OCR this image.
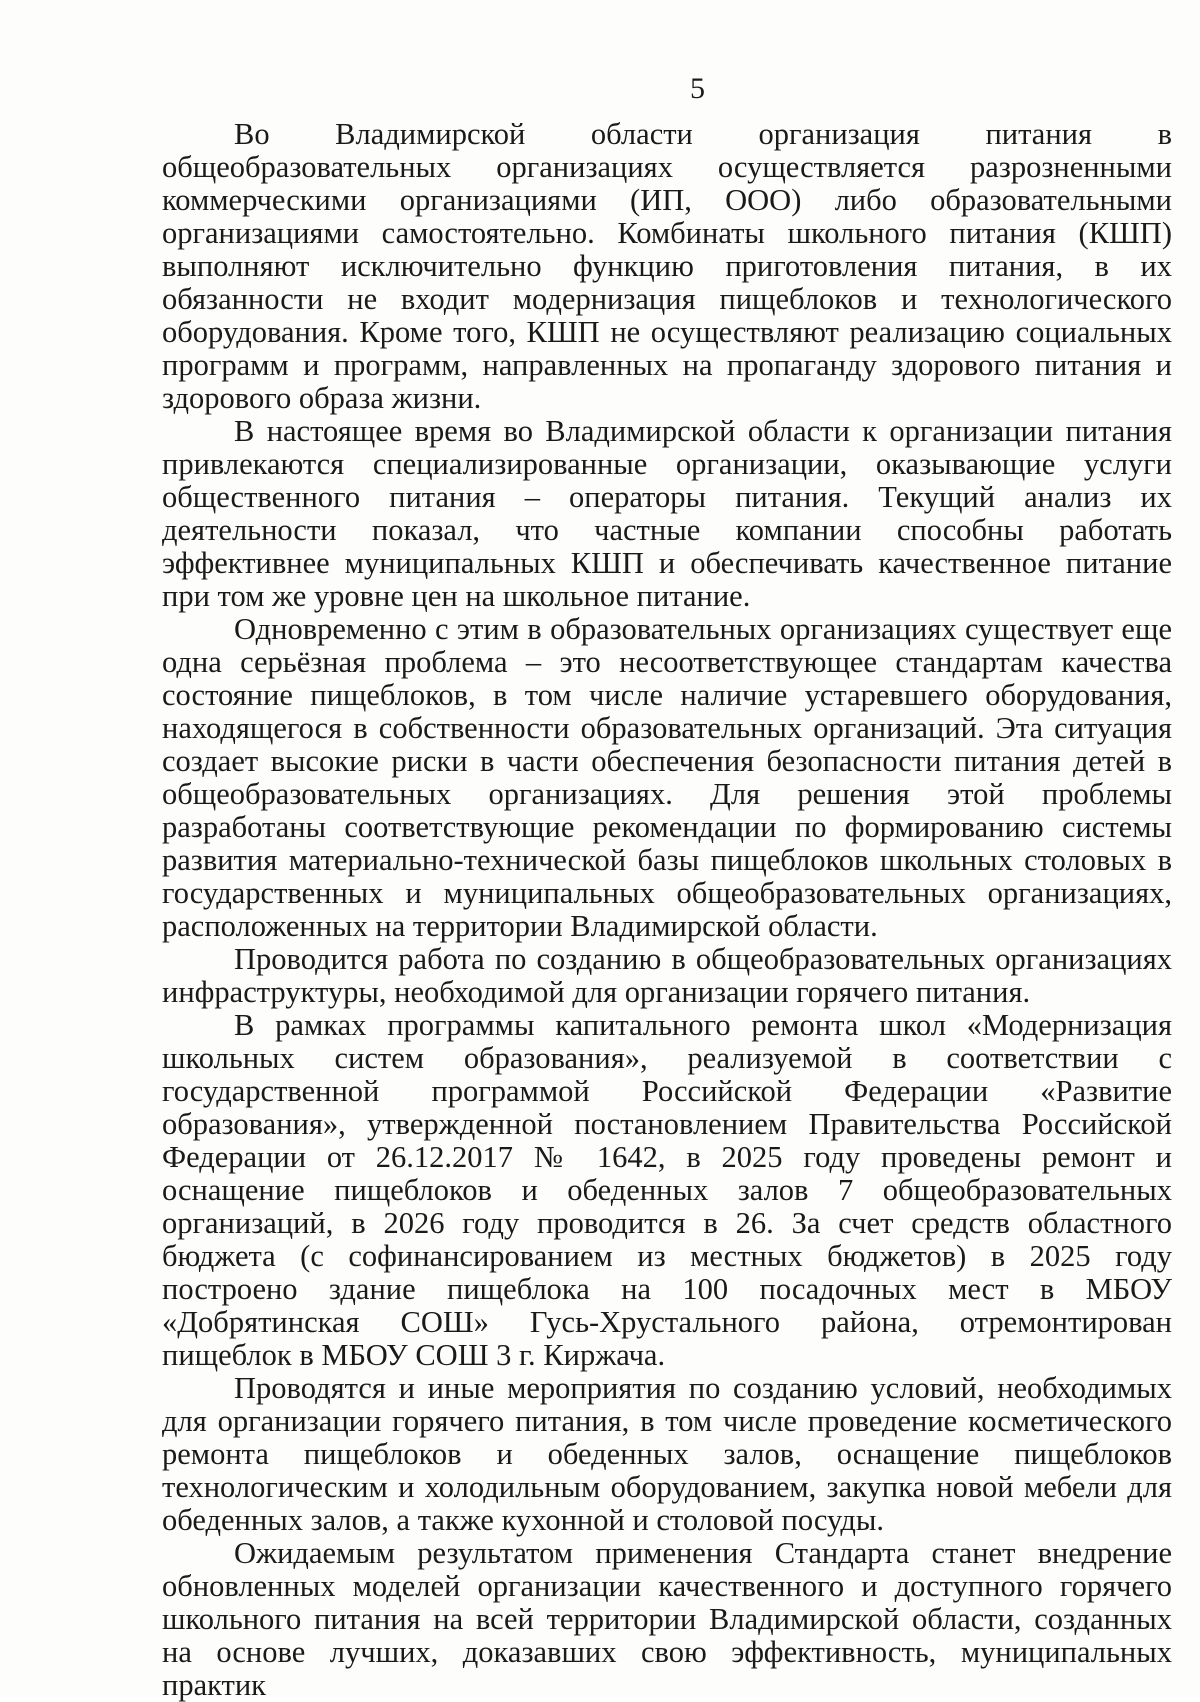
5

Во Владимирской области организация питания в общеобразовательных организациях осуществляется разрозненными коммерческими организациями (ИП, ООО) либо образовательными организациями самостоятельно. Комбинаты школьного питания (КШП) выполняют исключительно функцию приготовления питания, в их обязанности не входит модернизация пищеблоков и технологического оборудования. Кроме того, КШП не осуществляют реализацию социальных программ и программ, направленных на пропаганду здорового питания и здорового образа жизни.

В настоящее время во Владимирской области к организации питания привлекаются специализированные организации, оказывающие услуги общественного питания – операторы питания. Текущий анализ их деятельности показал, что частные компании способны работать эффективнее муниципальных КШП и обеспечивать качественное питание при том же уровне цен на школьное питание.

Одновременно с этим в образовательных организациях существует еще одна серьёзная проблема – это несоответствующее стандартам качества состояние пищеблоков, в том числе наличие устаревшего оборудования, находящегося в собственности образовательных организаций. Эта ситуация создает высокие риски в части обеспечения безопасности питания детей в общеобразовательных организациях. Для решения этой проблемы разработаны соответствующие рекомендации по формированию системы развития материально-технической базы пищеблоков школьных столовых в государственных и муниципальных общеобразовательных организациях, расположенных на территории Владимирской области.

Проводится работа по созданию в общеобразовательных организациях инфраструктуры, необходимой для организации горячего питания.

В рамках программы капитального ремонта школ «Модернизация школьных систем образования», реализуемой в соответствии с государственной программой Российской Федерации «Развитие образования», утвержденной постановлением Правительства Российской Федерации от 26.12.2017 № 1642, в 2025 году проведены ремонт и оснащение пищеблоков и обеденных залов 7 общеобразовательных организаций, в 2026 году проводится в 26. За счет средств областного бюджета (с софинансированием из местных бюджетов) в 2025 году построено здание пищеблока на 100 посадочных мест в МБОУ «Добрятинская СОШ» Гусь-Хрустального района, отремонтирован пищеблок в МБОУ СОШ 3 г. Киржача.

Проводятся и иные мероприятия по созданию условий, необходимых для организации горячего питания, в том числе проведение косметического ремонта пищеблоков и обеденных залов, оснащение пищеблоков технологическим и холодильным оборудованием, закупка новой мебели для обеденных залов, а также кухонной и столовой посуды.

Ожидаемым результатом применения Стандарта станет внедрение обновленных моделей организации качественного и доступного горячего школьного питания на всей территории Владимирской области, созданных на основе лучших, доказавших свою эффективность, муниципальных практик
